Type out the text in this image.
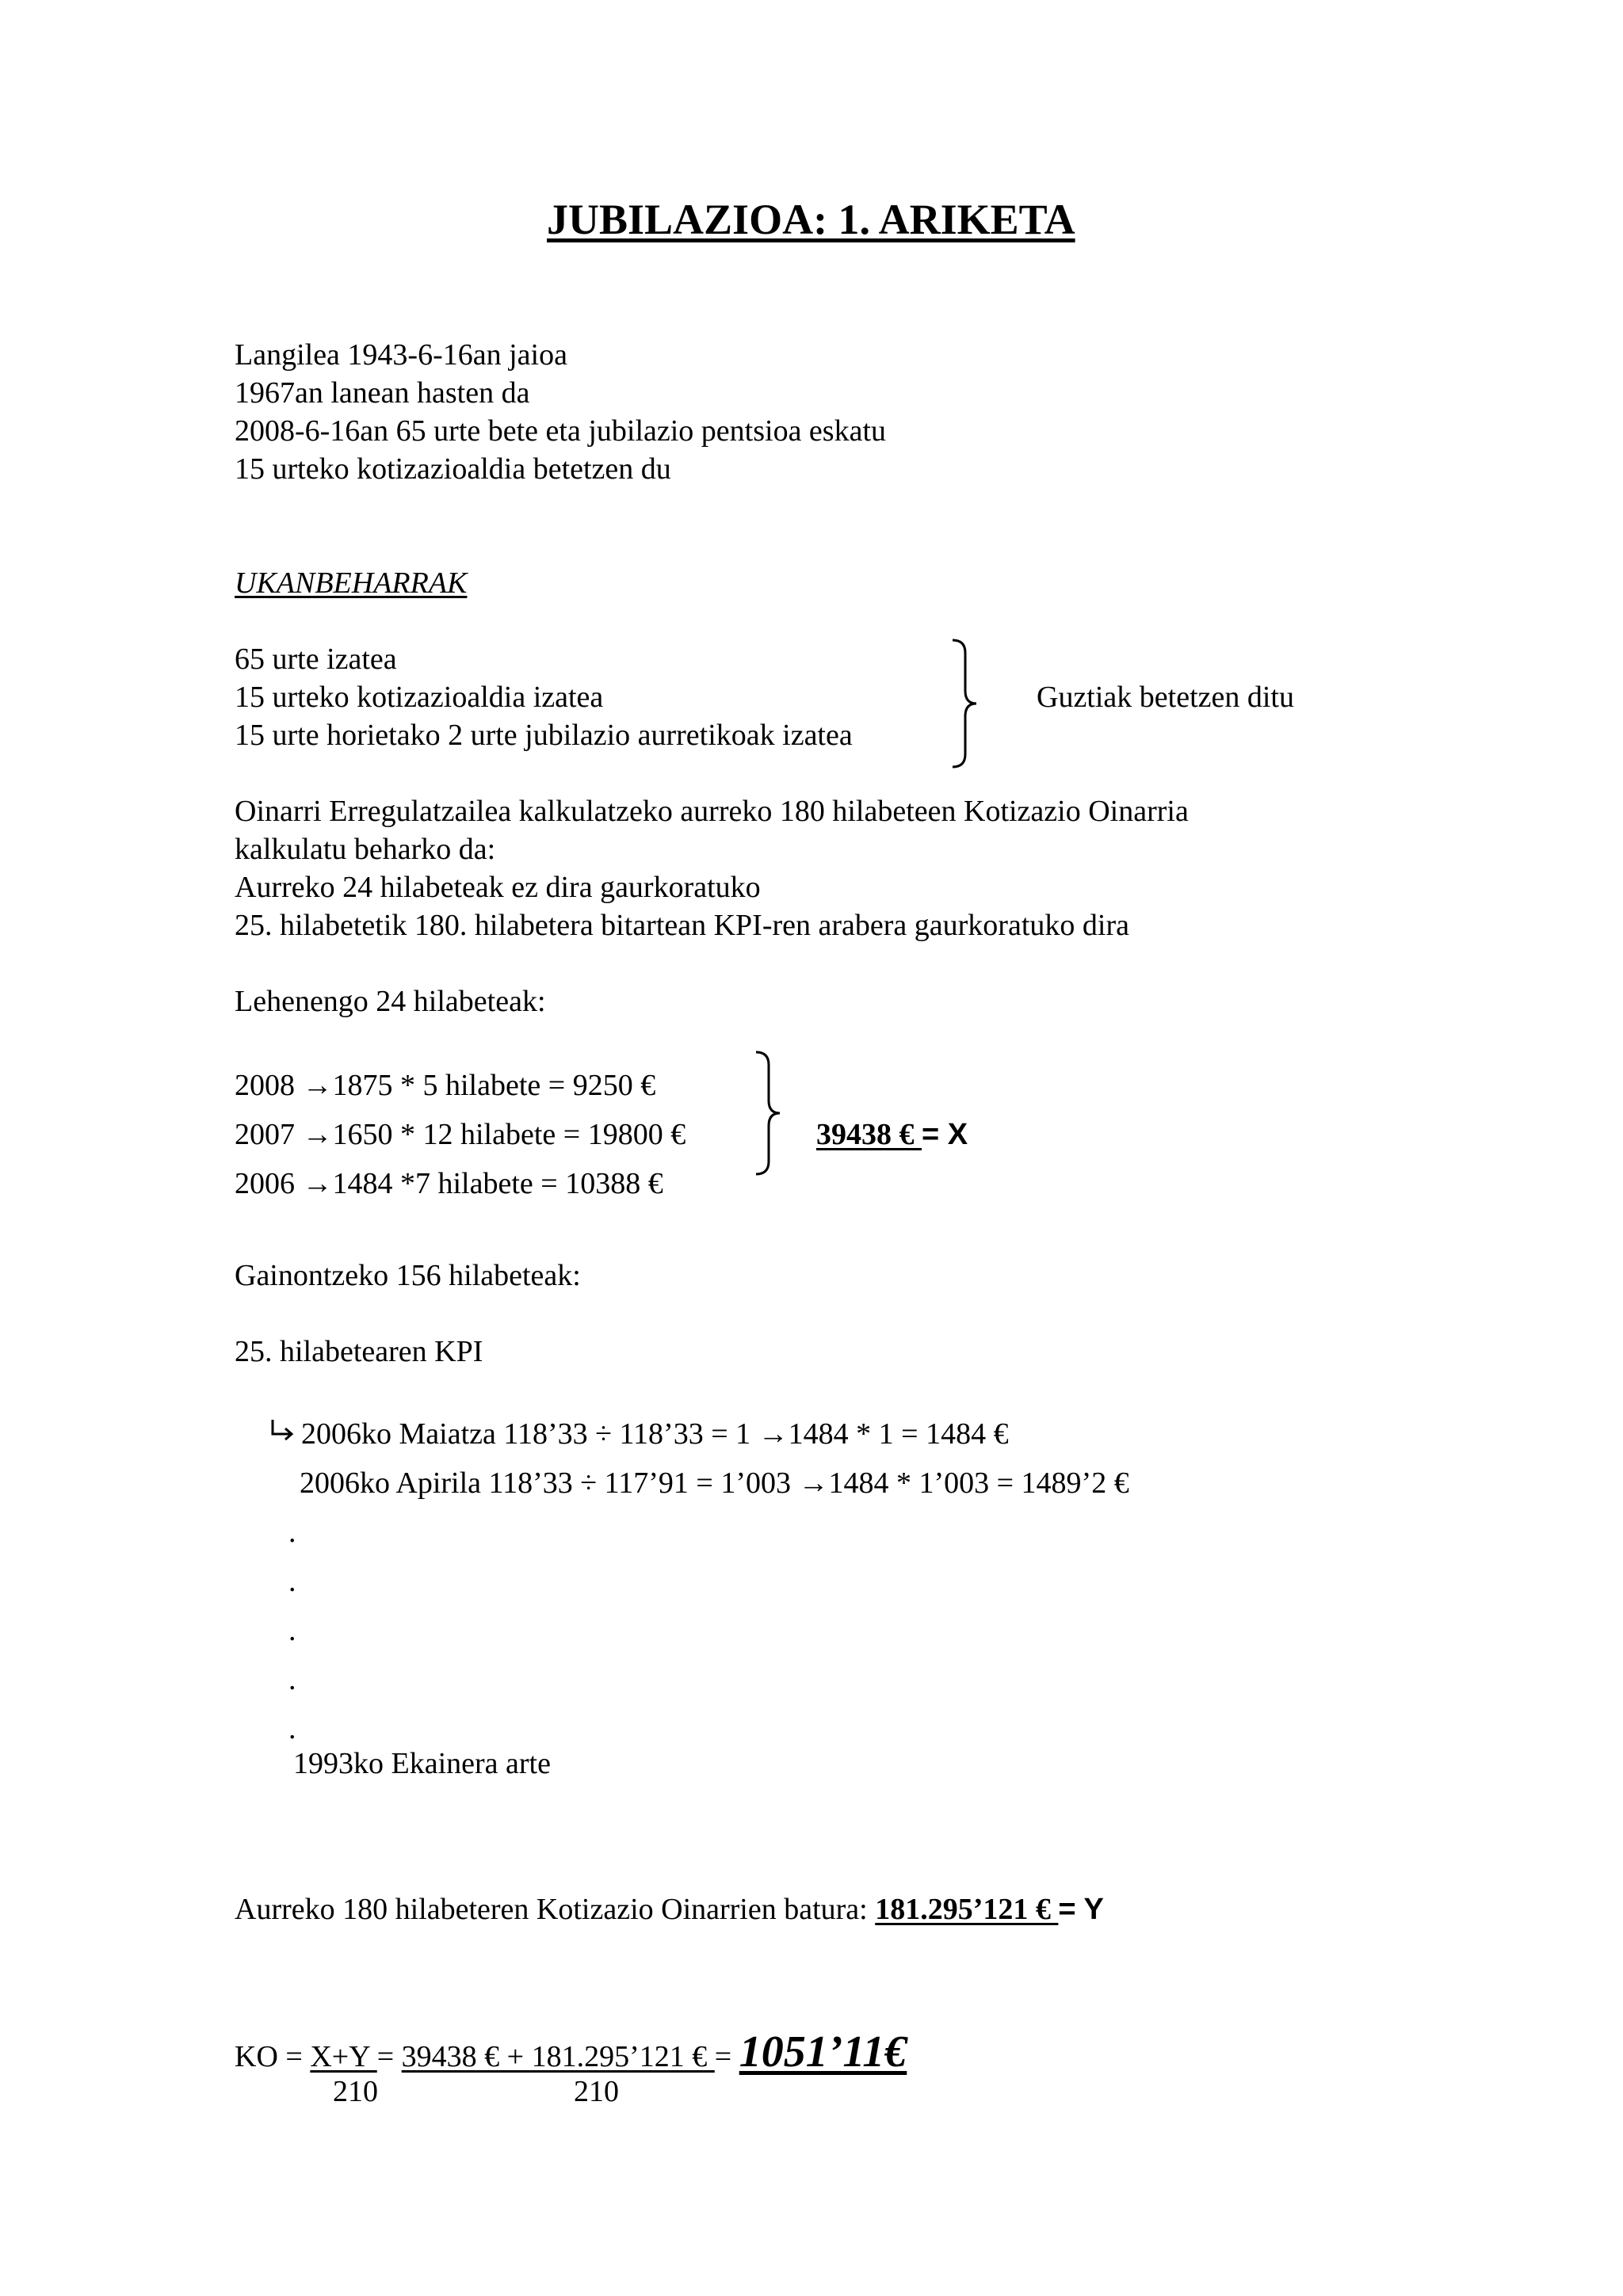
JUBILAZIOA: 1. ARIKETA
Langilea 1943-6-16an jaioa
1967an lanean hasten da
2008-6-16an 65 urte bete eta jubilazio pentsioa eskatu
15 urteko kotizazioaldia betetzen du
UKANBEHARRAK
65 urte izatea
15 urteko kotizazioaldia izatea
15 urte horietako 2 urte jubilazio aurretikoak izatea
Guztiak betetzen ditu
Oinarri Erregulatzailea kalkulatzeko aurreko 180 hilabeteen Kotizazio Oinarria
kalkulatu beharko da:
Aurreko 24 hilabeteak ez dira gaurkoratuko
25. hilabetetik 180. hilabetera bitartean KPI-ren arabera gaurkoratuko dira
Lehenengo 24 hilabeteak:
2008 →1875 * 5 hilabete = 9250 €
2007 →1650 * 12 hilabete = 19800 €
2006 →1484 *7 hilabete = 10388 €
39438 € = X
Gainontzeko 156 hilabeteak:
25. hilabetearen KPI
2006ko Maiatza 118’33 ÷ 118’33 = 1 →1484 * 1 = 1484 €
2006ko Apirila 118’33 ÷ 117’91 = 1’003 →1484 * 1’003 = 1489’2 €
.
.
.
.
.
1993ko Ekainera arte
Aurreko 180 hilabeteren Kotizazio Oinarrien batura: 181.295’121 € = Y
KO = X+Y = 39438 € + 181.295’121 € = 1051’11€
210	210
